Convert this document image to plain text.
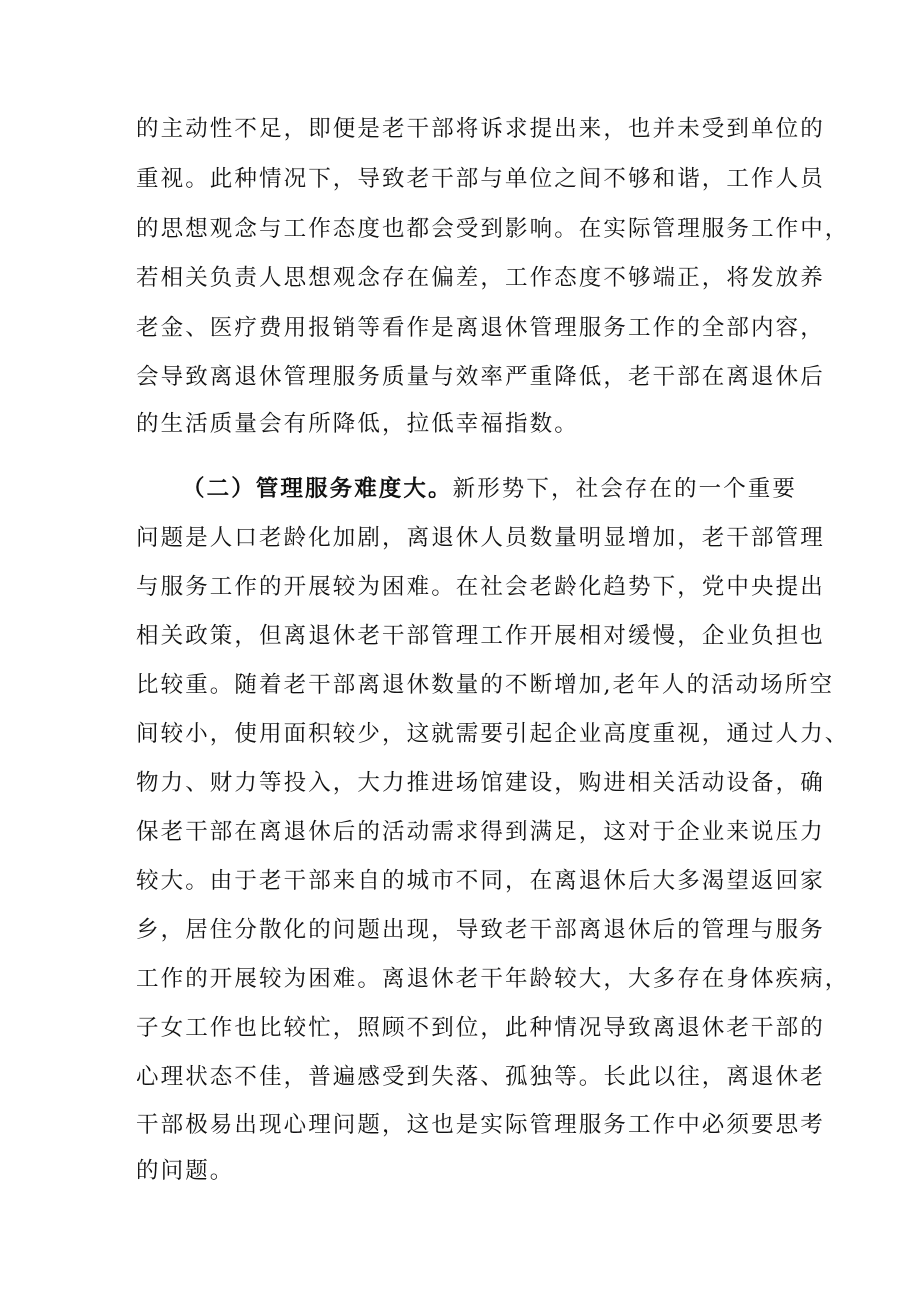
的主动性不足，即便是老干部将诉求提出来，也并未受到单位的
重视。此种情况下，导致老干部与单位之间不够和谐，工作人员
的思想观念与工作态度也都会受到影响。在实际管理服务工作中，
若相关负责人思想观念存在偏差，工作态度不够端正，将发放养
老金、医疗费用报销等看作是离退休管理服务工作的全部内容，
会导致离退休管理服务质量与效率严重降低，老干部在离退休后
的生活质量会有所降低，拉低幸福指数。
（二）管理服务难度大。新形势下，社会存在的一个重要
问题是人口老龄化加剧，离退休人员数量明显增加，老干部管理
与服务工作的开展较为困难。在社会老龄化趋势下，党中央提出
相关政策，但离退休老干部管理工作开展相对缓慢，企业负担也
比较重。随着老干部离退休数量的不断增加,老年人的活动场所空
间较小，使用面积较少，这就需要引起企业高度重视，通过人力、
物力、财力等投入，大力推进场馆建设，购进相关活动设备，确
保老干部在离退休后的活动需求得到满足，这对于企业来说压力
较大。由于老干部来自的城市不同，在离退休后大多渴望返回家
乡，居住分散化的问题出现，导致老干部离退休后的管理与服务
工作的开展较为困难。离退休老干年龄较大，大多存在身体疾病，
子女工作也比较忙，照顾不到位，此种情况导致离退休老干部的
心理状态不佳，普遍感受到失落、孤独等。长此以往，离退休老
干部极易出现心理问题，这也是实际管理服务工作中必须要思考
的问题。
